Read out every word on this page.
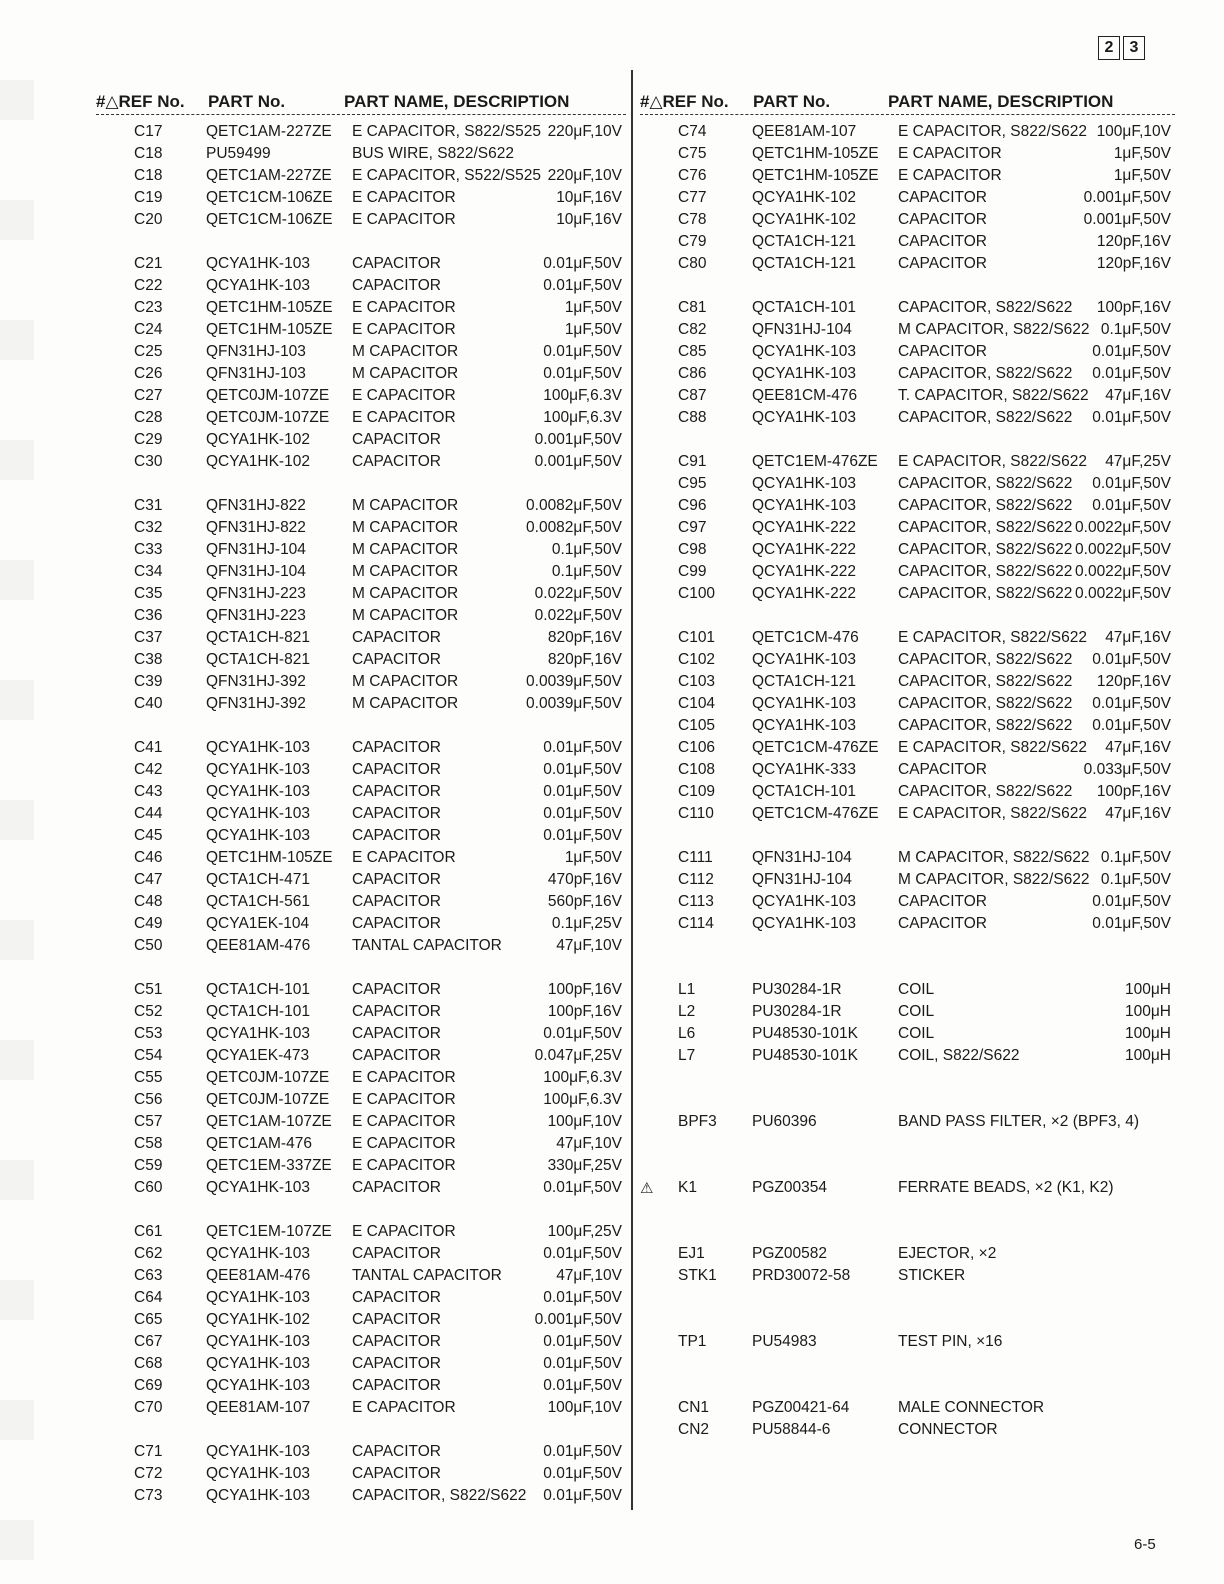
2	3
#△REF No. PART No.	PART NAME, DESCRIPTION
C17	QETC1AM-227ZE E CAPACITOR, S822/S525 220μF,10V
C18	PU59499	BUS WIRE, S822/S622
C18	QETC1AM-227ZE E CAPACITOR, S522/S525 220μF,10V
C19	QETC1CM-106ZE E CAPACITOR	10μF,16V
C20	QETC1CM-106ZE E CAPACITOR	10μF,16V
C21	QCYA1HK-103	CAPACITOR	0.01μF,50V
C22	QCYA1HK-103	CAPACITOR	0.01μF,50V
C23	QETC1HM-105ZE E CAPACITOR	1μF,50V
C24	QETC1HM-105ZE E CAPACITOR	1μF,50V
C25	QFN31HJ-103	M CAPACITOR	0.01μF,50V
C26	QFN31HJ-103	M CAPACITOR	0.01μF,50V
C27	QETC0JM-107ZE E CAPACITOR	100μF,6.3V
C28	QETC0JM-107ZE E CAPACITOR	100μF,6.3V
C29	QCYA1HK-102	CAPACITOR	0.001μF,50V
C30	QCYA1HK-102	CAPACITOR	0.001μF,50V
C31	QFN31HJ-822	M CAPACITOR	0.0082μF,50V
C32	QFN31HJ-822	M CAPACITOR	0.0082μF,50V
C33	QFN31HJ-104	M CAPACITOR	0.1μF,50V
C34	QFN31HJ-104	M CAPACITOR	0.1μF,50V
C35	QFN31HJ-223	M CAPACITOR	0.022μF,50V
C36	QFN31HJ-223	M CAPACITOR	0.022μF,50V
C37	QCTA1CH-821	CAPACITOR	820pF,16V
C38	QCTA1CH-821	CAPACITOR	820pF,16V
C39	QFN31HJ-392	M CAPACITOR	0.0039μF,50V
C40	QFN31HJ-392	M CAPACITOR	0.0039μF,50V
C41	QCYA1HK-103	CAPACITOR	0.01μF,50V
C42	QCYA1HK-103	CAPACITOR	0.01μF,50V
C43	QCYA1HK-103	CAPACITOR	0.01μF,50V
C44	QCYA1HK-103	CAPACITOR	0.01μF,50V
C45	QCYA1HK-103	CAPACITOR	0.01μF,50V
C46	QETC1HM-105ZE E CAPACITOR	1μF,50V
C47	QCTA1CH-471	CAPACITOR	470pF,16V
C48	QCTA1CH-561	CAPACITOR	560pF,16V
C49	QCYA1EK-104	CAPACITOR	0.1μF,25V
C50	QEE81AM-476	TANTAL CAPACITOR	47μF,10V
C51	QCTA1CH-101	CAPACITOR	100pF,16V
C52	QCTA1CH-101	CAPACITOR	100pF,16V
C53	QCYA1HK-103	CAPACITOR	0.01μF,50V
C54	QCYA1EK-473	CAPACITOR	0.047μF,25V
C55	QETC0JM-107ZE E CAPACITOR	100μF,6.3V
C56	QETC0JM-107ZE E CAPACITOR	100μF,6.3V
C57	QETC1AM-107ZE E CAPACITOR	100μF,10V
C58	QETC1AM-476	E CAPACITOR	47μF,10V
C59	QETC1EM-337ZE E CAPACITOR	330μF,25V
C60	QCYA1HK-103	CAPACITOR	0.01μF,50V
C61	QETC1EM-107ZE E CAPACITOR	100μF,25V
C62	QCYA1HK-103	CAPACITOR	0.01μF,50V
C63	QEE81AM-476	TANTAL CAPACITOR	47μF,10V
C64	QCYA1HK-103	CAPACITOR	0.01μF,50V
C65	QCYA1HK-102	CAPACITOR	0.001μF,50V
C67	QCYA1HK-103	CAPACITOR	0.01μF,50V
C68	QCYA1HK-103	CAPACITOR	0.01μF,50V
C69	QCYA1HK-103	CAPACITOR	0.01μF,50V
C70	QEE81AM-107	E CAPACITOR	100μF,10V
C71	QCYA1HK-103	CAPACITOR	0.01μF,50V
C72	QCYA1HK-103	CAPACITOR	0.01μF,50V
C73	QCYA1HK-103	CAPACITOR, S822/S622 0.01μF,50V
#△REF No. PART No.	PART NAME, DESCRIPTION
C74	QEE81AM-107	E CAPACITOR, S822/S622 100μF,10V
C75	QETC1HM-105ZE E CAPACITOR	1μF,50V
C76	QETC1HM-105ZE E CAPACITOR	1μF,50V
C77	QCYA1HK-102	CAPACITOR	0.001μF,50V
C78	QCYA1HK-102	CAPACITOR	0.001μF,50V
C79	QCTA1CH-121	CAPACITOR	120pF,16V
C80	QCTA1CH-121	CAPACITOR	120pF,16V
C81	QCTA1CH-101	CAPACITOR, S822/S622 100pF,16V
C82	QFN31HJ-104	M CAPACITOR, S822/S622 0.1μF,50V
C85	QCYA1HK-103	CAPACITOR	0.01μF,50V
C86	QCYA1HK-103	CAPACITOR, S822/S622 0.01μF,50V
C87	QEE81CM-476	T. CAPACITOR, S822/S622 47μF,16V
C88	QCYA1HK-103	CAPACITOR, S822/S622 0.01μF,50V
C91	QETC1EM-476ZE E CAPACITOR, S822/S622 47μF,25V
C95	QCYA1HK-103	CAPACITOR, S822/S622 0.01μF,50V
C96	QCYA1HK-103	CAPACITOR, S822/S622 0.01μF,50V
C97	QCYA1HK-222	CAPACITOR, S822/S622 0.0022μF,50V
C98	QCYA1HK-222	CAPACITOR, S822/S622 0.0022μF,50V
C99	QCYA1HK-222	CAPACITOR, S822/S622 0.0022μF,50V
C100 QCYA1HK-222	CAPACITOR, S822/S622 0.0022μF,50V
C101 QETC1CM-476	E CAPACITOR, S822/S622 47μF,16V
C102 QCYA1HK-103	CAPACITOR, S822/S622 0.01μF,50V
C103 QCTA1CH-121	CAPACITOR, S822/S622 120pF,16V
C104 QCYA1HK-103	CAPACITOR, S822/S622 0.01μF,50V
C105 QCYA1HK-103	CAPACITOR, S822/S622 0.01μF,50V
C106 QETC1CM-476ZE E CAPACITOR, S822/S622 47μF,16V
C108 QCYA1HK-333	CAPACITOR	0.033μF,50V
C109 QCTA1CH-101	CAPACITOR, S822/S622 100pF,16V
C110 QETC1CM-476ZE E CAPACITOR, S822/S622 47μF,16V
C111	QFN31HJ-104	M CAPACITOR, S822/S622 0.1μF,50V
C112 QFN31HJ-104	M CAPACITOR, S822/S622 0.1μF,50V
C113 QCYA1HK-103	CAPACITOR	0.01μF,50V
C114 QCYA1HK-103	CAPACITOR	0.01μF,50V
L1	PU30284-1R	COIL	100μH
L2	PU30284-1R	COIL	100μH
L6	PU48530-101K	COIL	100μH
L7	PU48530-101K	COIL, S822/S622	100μH
BPF3 PU60396	BAND PASS FILTER, ×2 (BPF3, 4)
⚠ K1	PGZ00354	FERRATE BEADS, ×2 (K1, K2)
EJ1	PGZ00582	EJECTOR, ×2
STK1 PRD30072-58	STICKER
TP1	PU54983	TEST PIN, ×16
CN1	PGZ00421-64	MALE CONNECTOR
CN2	PU58844-6	CONNECTOR
6-5
